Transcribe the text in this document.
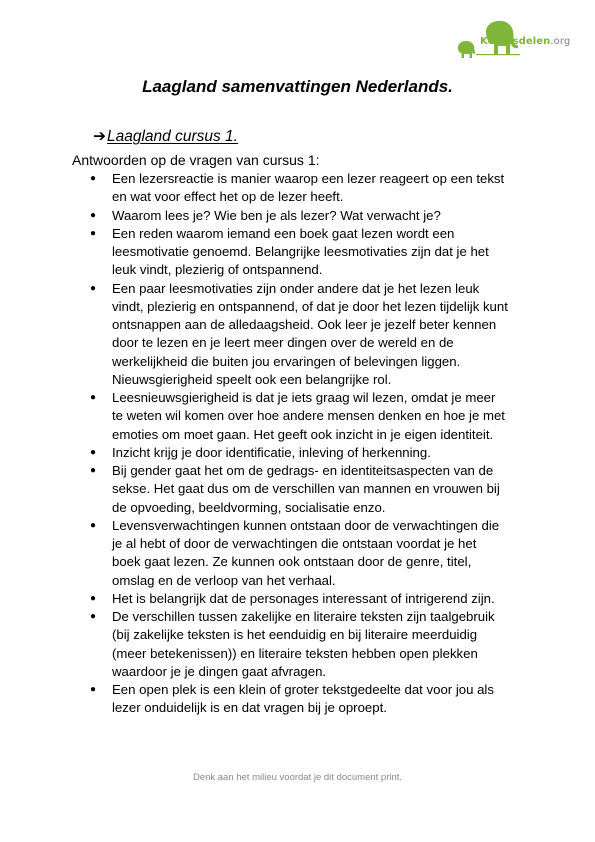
Kennisdelen.org
Laagland samenvattingen Nederlands.
➔Laagland cursus 1.
Antwoorden op de vragen van cursus 1:
● Een lezersreactie is manier waarop een lezer reageert op een tekst en wat voor effect het op de lezer heeft.
● Waarom lees je? Wie ben je als lezer? Wat verwacht je?
● Een reden waarom iemand een boek gaat lezen wordt een leesmotivatie genoemd. Belangrijke leesmotivaties zijn dat je het leuk vindt, plezierig of ontspannend.
● Een paar leesmotivaties zijn onder andere dat je het lezen leuk vindt, plezierig en ontspannend, of dat je door het lezen tijdelijk kunt ontsnappen aan de alledaagsheid. Ook leer je jezelf beter kennen door te lezen en je leert meer dingen over de wereld en de werkelijkheid die buiten jou ervaringen of belevingen liggen. Nieuwsgierigheid speelt ook een belangrijke rol.
● Leesnieuwsgierigheid is dat je iets graag wil lezen, omdat je meer te weten wil komen over hoe andere mensen denken en hoe je met emoties om moet gaan. Het geeft ook inzicht in je eigen identiteit.
● Inzicht krijg je door identificatie, inleving of herkenning.
● Bij gender gaat het om de gedrags- en identiteitsaspecten van de sekse. Het gaat dus om de verschillen van mannen en vrouwen bij de opvoeding, beeldvorming, socialisatie enzo.
● Levensverwachtingen kunnen ontstaan door de verwachtingen die je al hebt of door de verwachtingen die ontstaan voordat je het boek gaat lezen. Ze kunnen ook ontstaan door de genre, titel, omslag en de verloop van het verhaal.
● Het is belangrijk dat de personages interessant of intrigerend zijn.
● De verschillen tussen zakelijke en literaire teksten zijn taalgebruik (bij zakelijke teksten is het eenduidig en bij literaire meerduidig (meer betekenissen)) en literaire teksten hebben open plekken waardoor je je dingen gaat afvragen.
● Een open plek is een klein of groter tekstgedeelte dat voor jou als lezer onduidelijk is en dat vragen bij je oproept.
Denk aan het milieu voordat je dit document print.
